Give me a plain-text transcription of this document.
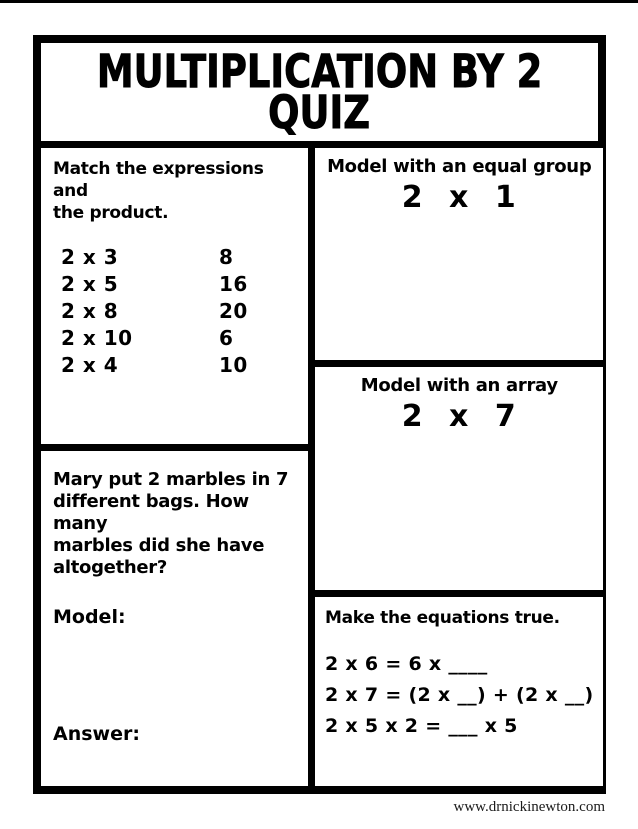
MULTIPLICATION BY 2
QUIZ
Match the expressions and
the product.
2 x 3	8
2 x 5	16
2 x 8	20
2 x 10	6
2 x 4	10
Mary put 2 marbles in 7
different bags. How many
marbles did she have
altogether?
Model:
Answer:
Model with an equal group
2 x 1
Model with an array
2 x 7
Make the equations true.
2 x 6 = 6 x ____
2 x 7 = (2 x __) + (2 x __)
2 x 5 x 2 = ___ x 5
www.drnickinewton.com
